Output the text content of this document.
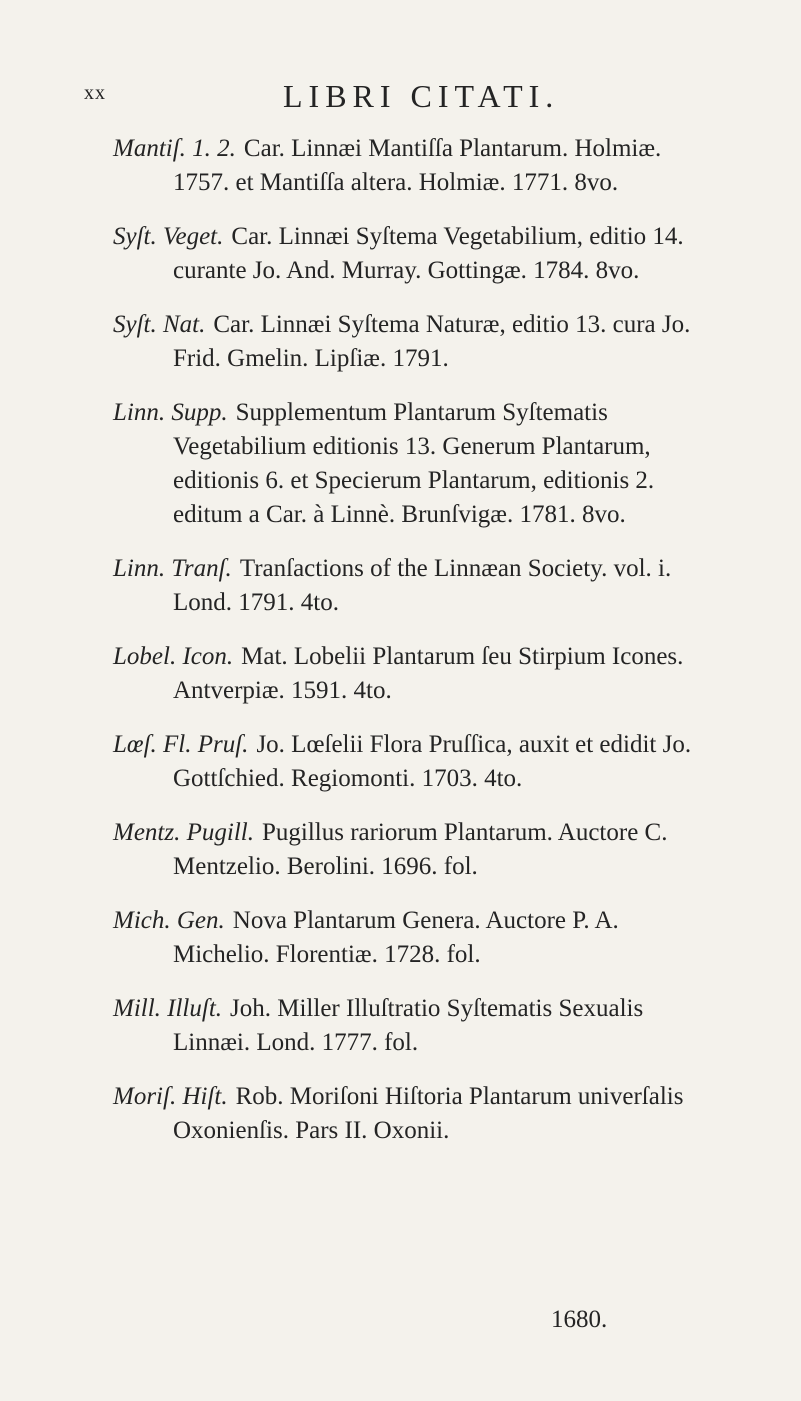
xx	LIBRI CITATI.

Mantiſ. 1. 2. Car. Linnæi Mantiſſa Plantarum. Holmiæ. 1757. et Mantiſſa altera. Holmiæ. 1771. 8vo.

Syſt. Veget. Car. Linnæi Syſtema Vegetabilium, editio 14. curante Jo. And. Murray. Gottingæ. 1784. 8vo.

Syſt. Nat. Car. Linnæi Syſtema Naturæ, editio 13. cura Jo. Frid. Gmelin. Lipſiæ. 1791.

Linn. Supp. Supplementum Plantarum Syſtematis Vegetabilium editionis 13. Generum Plantarum, editionis 6. et Specierum Plantarum, editionis 2. editum a Car. à Linnè. Brunſvigæ. 1781. 8vo.

Linn. Tranſ. Tranſactions of the Linnæan Society. vol. i. Lond. 1791. 4to.

Lobel. Icon. Mat. Lobelii Plantarum ſeu Stirpium Icones. Antverpiæ. 1591. 4to.

Lœſ. Fl. Pruſ. Jo. Lœſelii Flora Pruſſica, auxit et edidit Jo. Gottſchied. Regiomonti. 1703. 4to.

Mentz. Pugill. Pugillus rariorum Plantarum. Auctore C. Mentzelio. Berolini. 1696. fol.

Mich. Gen. Nova Plantarum Genera. Auctore P. A. Michelio. Florentiæ. 1728. fol.

Mill. Illuſt. Joh. Miller Illuſtratio Syſtematis Sexualis Linnæi. Lond. 1777. fol.

Moriſ. Hiſt. Rob. Moriſoni Hiſtoria Plantarum univerſalis Oxonienſis. Pars II. Oxonii.

1680.
